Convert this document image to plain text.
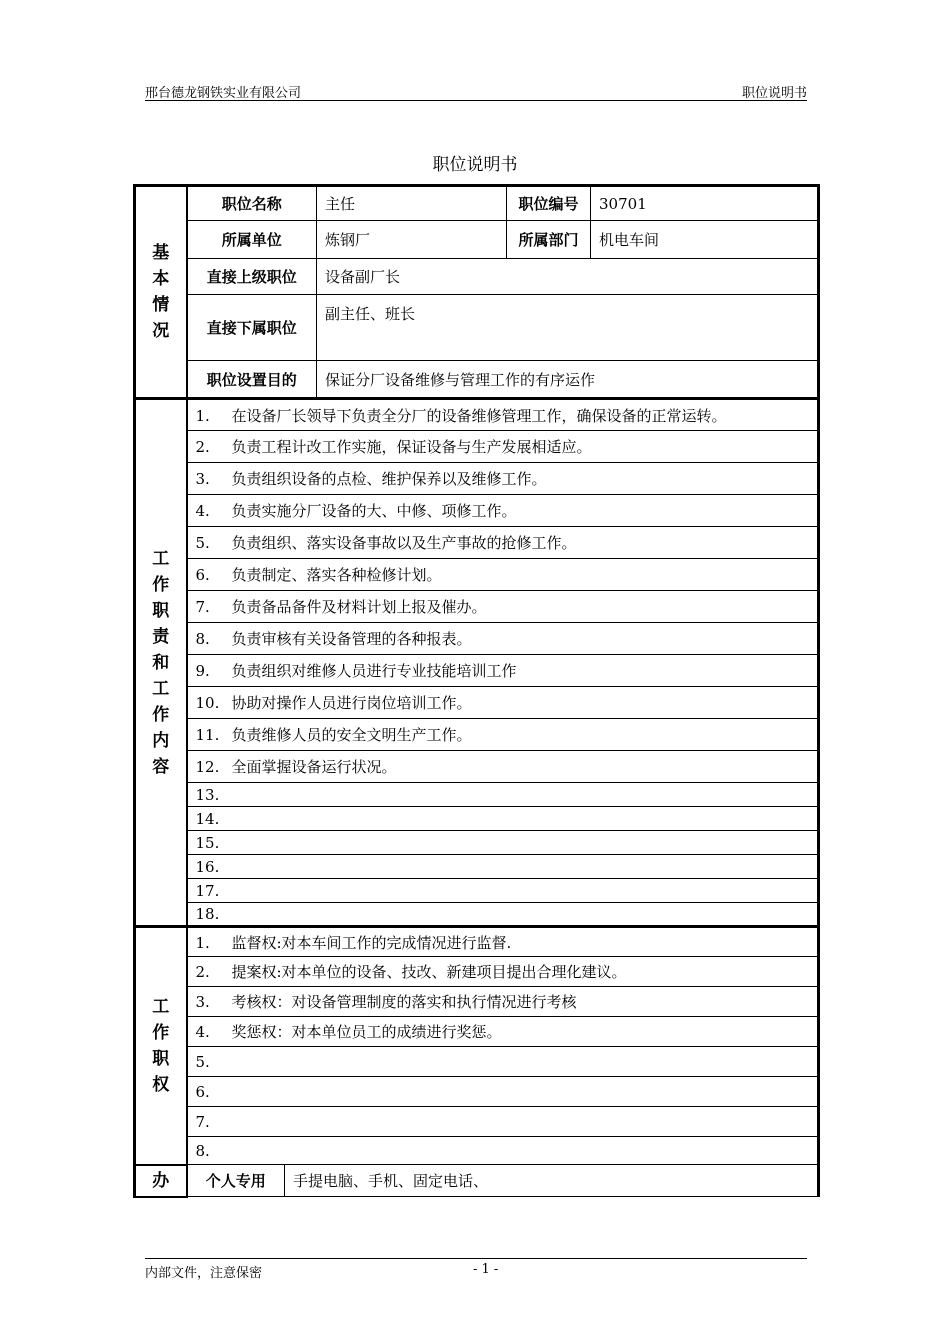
邢台德龙钢铁实业有限公司	职位说明书
职位说明书
基本情况	职位名称		主任	职位编号	30701
	所属单位		炼钢厂	所属部门	机电车间
	直接上级职位		设备副厂长		
	直接下属职位		副主任、班长		
	职位设置目的		保证分厂设备维修与管理工作的有序运作		
工作职责和工作内容	1. 在设备厂长领导下负责全分厂的设备维修管理工作，确保设备的正常运转。				
	2. 负责工程计改工作实施，保证设备与生产发展相适应。				
	3. 负责组织设备的点检、维护保养以及维修工作。				
	4. 负责实施分厂设备的大、中修、项修工作。				
	5. 负责组织、落实设备事故以及生产事故的抢修工作。				
	6. 负责制定、落实各种检修计划。				
	7. 负责备品备件及材料计划上报及催办。				
	8. 负责审核有关设备管理的各种报表。				
	9. 负责组织对维修人员进行专业技能培训工作				
	10. 协助对操作人员进行岗位培训工作。				
	11. 负责维修人员的安全文明生产工作。				
	12. 全面掌握设备运行状况。				
	13.				
	14.				
	15.				
	16.				
	17.				
	18.				
工作职权	1. 监督权:对本车间工作的完成情况进行监督.				
	2. 提案权:对本单位的设备、技改、新建项目提出合理化建议。				
	3. 考核权：对设备管理制度的落实和执行情况进行考核				
	4. 奖惩权：对本单位员工的成绩进行奖惩。				
	5.				
	6.				
	7.				
	8.				
办	个人专用	手提电脑、手机、固定电话、			
内部文件，注意保密	- 1 -
